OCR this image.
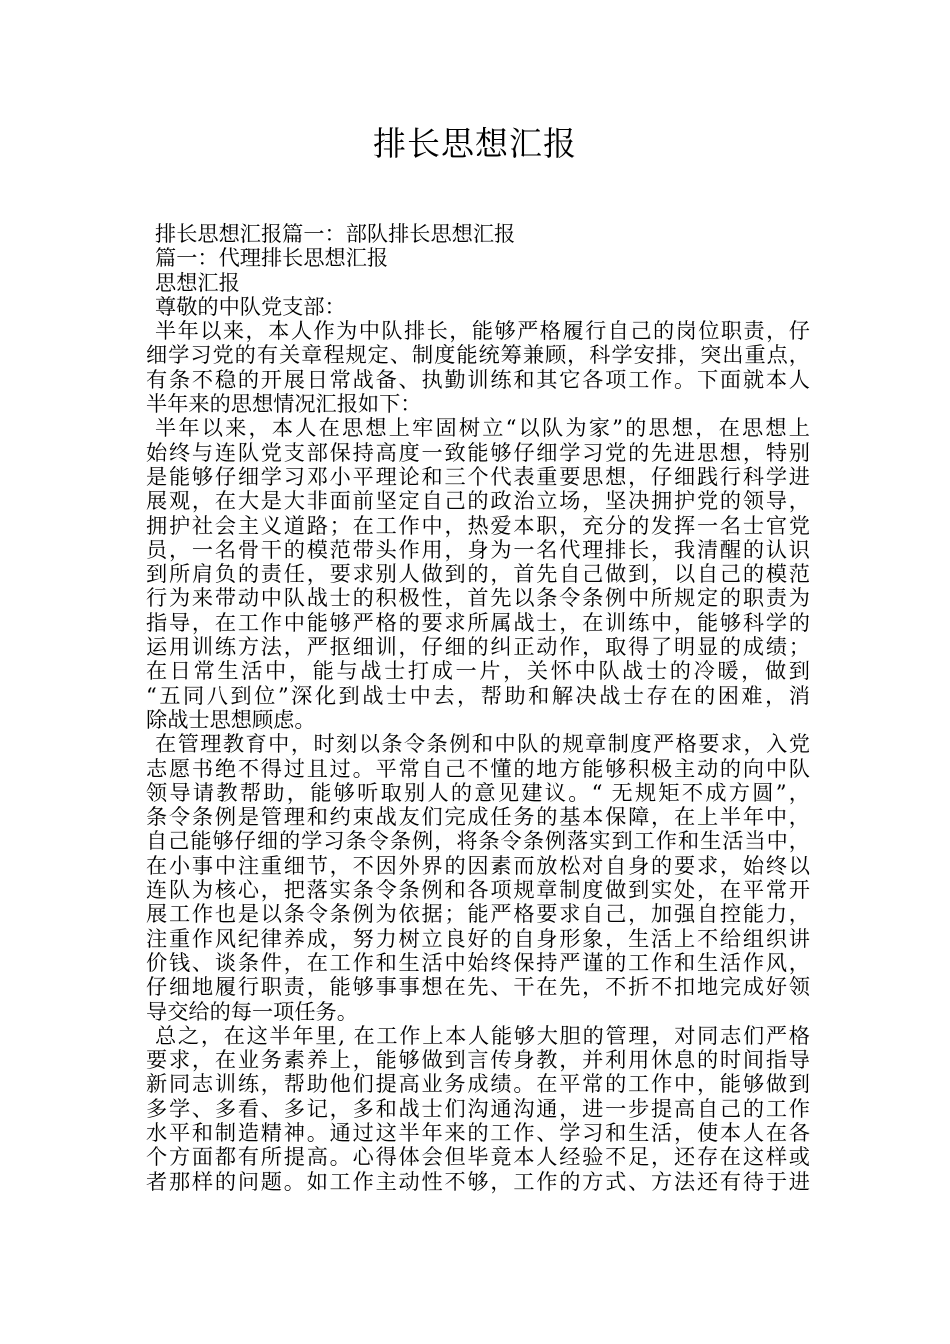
排长思想汇报

排长思想汇报篇一：部队排长思想汇报

篇一：代理排长思想汇报

思想汇报

尊敬的中队党支部：

半年以来，本人作为中队排长，能够严格履行自己的岗位职责，仔

细学习党的有关章程规定、制度能统筹兼顾，科学安排，突出重点，

有条不稳的开展日常战备、执勤训练和其它各项工作。下面就本人

半年来的思想情况汇报如下：

半年以来，本人在思想上牢固树立“以队为家”的思想，在思想上

始终与连队党支部保持高度一致能够仔细学习党的先进思想，特别

是能够仔细学习邓小平理论和三个代表重要思想，仔细践行科学进

展观，在大是大非面前坚定自己的政治立场，坚决拥护党的领导，

拥护社会主义道路；在工作中，热爱本职，充分的发挥一名士官党

员，一名骨干的模范带头作用，身为一名代理排长，我清醒的认识

到所肩负的责任，要求别人做到的，首先自己做到，以自己的模范

行为来带动中队战士的积极性，首先以条令条例中所规定的职责为

指导，在工作中能够严格的要求所属战士，在训练中，能够科学的

运用训练方法，严抠细训，仔细的纠正动作，取得了明显的成绩；

在日常生活中，能与战士打成一片，关怀中队战士的冷暖，做到

“五同八到位”深化到战士中去，帮助和解决战士存在的困难，消

除战士思想顾虑。

在管理教育中，时刻以条令条例和中队的规章制度严格要求，入党

志愿书绝不得过且过。平常自己不懂的地方能够积极主动的向中队

领导请教帮助，能够听取别人的意见建议。“ 无规矩不成方圆”，

条令条例是管理和约束战友们完成任务的基本保障，在上半年中，

自己能够仔细的学习条令条例，将条令条例落实到工作和生活当中，

在小事中注重细节，不因外界的因素而放松对自身的要求，始终以

连队为核心，把落实条令条例和各项规章制度做到实处，在平常开

展工作也是以条令条例为依据；能严格要求自己，加强自控能力，

注重作风纪律养成，努力树立良好的自身形象，生活上不给组织讲

价钱、谈条件，在工作和生活中始终保持严谨的工作和生活作风，

仔细地履行职责，能够事事想在先、干在先，不折不扣地完成好领

导交给的每一项任务。

总之，在这半年里, 在工作上本人能够大胆的管理，对同志们严格

要求，在业务素养上，能够做到言传身教，并利用休息的时间指导

新同志训练，帮助他们提高业务成绩。在平常的工作中，能够做到

多学、多看、多记，多和战士们沟通沟通，进一步提高自己的工作

水平和制造精神。通过这半年来的工作、学习和生活，使本人在各

个方面都有所提高。心得体会但毕竟本人经验不足，还存在这样或

者那样的问题。如工作主动性不够，工作的方式、方法还有待于进
